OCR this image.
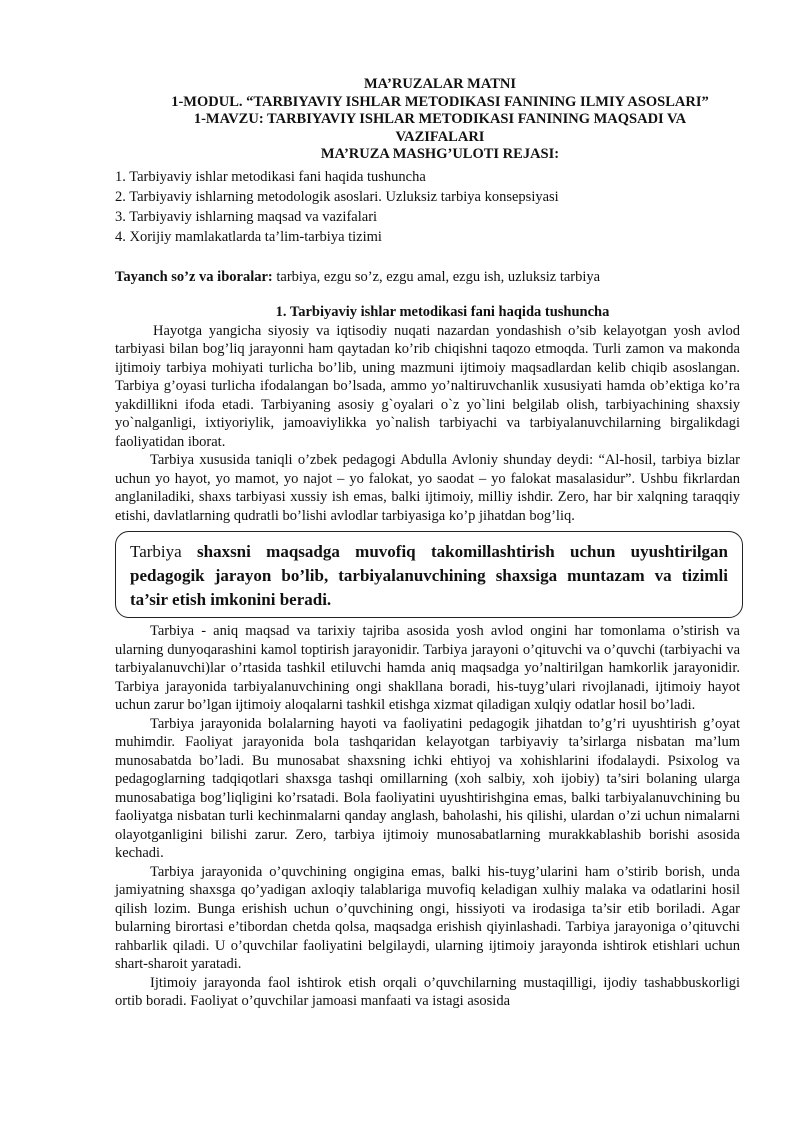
MA’RUZALAR MATNI
1-MODUL. “TARBIYAVIY ISHLAR METODIKASI FANINING ILMIY ASOSLARI”
1-MAVZU: TARBIYAVIY ISHLAR METODIKASI FANINING MAQSADI VA
VAZIFALARI
MA’RUZA MASHG’ULOTI REJASI:
1. Tarbiyaviy ishlar metodikasi fani haqida tushuncha
2. Tarbiyaviy ishlarning metodologik asoslari. Uzluksiz tarbiya konsepsiyasi
3. Tarbiyaviy ishlarning maqsad va vazifalari
4. Xorijiy mamlakatlarda ta’lim-tarbiya tizimi
Tayanch so’z va iboralar: tarbiya, ezgu so’z, ezgu amal, ezgu ish, uzluksiz tarbiya
1. Tarbiyaviy ishlar metodikasi fani haqida tushuncha

Hayotga yangicha siyosiy va iqtisodiy nuqati nazardan yondashish o’sib kelayotgan yosh avlod tarbiyasi bilan bog’liq jarayonni ham qaytadan ko’rib chiqishni taqozo etmoqda. Turli zamon va makonda ijtimoiy tarbiya mohiyati turlicha bo’lib, uning mazmuni ijtimoiy maqsadlardan kelib chiqib asoslangan. Tarbiya g’oyasi turlicha ifodalangan bo’lsada, ammo yo’naltiruvchanlik xususiyati hamda ob’ektiga ko’ra yakdillikni ifoda etadi. Tarbiyaning asosiy g`oyalari o`z yo`lini belgilab olish, tarbiyachining shaxsiy yo`nalganligi, ixtiyoriylik, jamoaviylikka yo`nalish tarbiyachi va tarbiyalanuvchilarning birgalikdagi faoliyatidan iborat.

Tarbiya xususida taniqli o’zbek pedagogi Abdulla Avloniy shunday deydi: “Al-hosil, tarbiya bizlar uchun yo hayot, yo mamot, yo najot – yo falokat, yo saodat – yo falokat masalasidur”. Ushbu fikrlardan anglaniladiki, shaxs tarbiyasi xussiy ish emas, balki ijtimoiy, milliy ishdir. Zero, har bir xalqning taraqqiy etishi, davlatlarning qudratli bo’lishi avlodlar tarbiyasiga ko’p jihatdan bog’liq.

Tarbiya shaxsni maqsadga muvofiq takomillashtirish uchun uyushtirilgan pedagogik jarayon bo’lib, tarbiyalanuvchining shaxsiga muntazam va tizimli ta’sir etish imkonini beradi.

Tarbiya - aniq maqsad va tarixiy tajriba asosida yosh avlod ongini har tomonlama o’stirish va ularning dunyoqarashini kamol toptirish jarayonidir. Tarbiya jarayoni o’qituvchi va o’quvchi (tarbiyachi va tarbiyalanuvchi)lar o’rtasida tashkil etiluvchi hamda aniq maqsadga yo’naltirilgan hamkorlik jarayonidir. Tarbiya jarayonida tarbiyalanuvchining ongi shakllana boradi, his-tuyg’ulari rivojlanadi, ijtimoiy hayot uchun zarur bo’lgan ijtimoiy aloqalarni tashkil etishga xizmat qiladigan xulqiy odatlar hosil bo’ladi.

Tarbiya jarayonida bolalarning hayoti va faoliyatini pedagogik jihatdan to’g’ri uyushtirish g’oyat muhimdir. Faoliyat jarayonida bola tashqaridan kelayotgan tarbiyaviy ta’sirlarga nisbatan ma’lum munosabatda bo’ladi. Bu munosabat shaxsning ichki ehtiyoj va xohishlarini ifodalaydi. Psixolog va pedagoglarning tadqiqotlari shaxsga tashqi omillarning (xoh salbiy, xoh ijobiy) ta’siri bolaning ularga munosabatiga bog’liqligini ko’rsatadi. Bola faoliyatini uyushtirishgina emas, balki tarbiyalanuvchining bu faoliyatga nisbatan turli kechinmalarni qanday anglash, baholashi, his qilishi, ulardan o’zi uchun nimalarni olayotganligini bilishi zarur. Zero, tarbiya ijtimoiy munosabatlarning murakkablashib borishi asosida kechadi.

Tarbiya jarayonida o’quvchining ongigina emas, balki his-tuyg’ularini ham o’stirib borish, unda jamiyatning shaxsga qo’yadigan axloqiy talablariga muvofiq keladigan xulhiy malaka va odatlarini hosil qilish lozim. Bunga erishish uchun o’quvchining ongi, hissiyoti va irodasiga ta’sir etib boriladi. Agar bularning birortasi e’tibordan chetda qolsa, maqsadga erishish qiyinlashadi. Tarbiya jarayoniga o’qituvchi rahbarlik qiladi. U o’quvchilar faoliyatini belgilaydi, ularning ijtimoiy jarayonda ishtirok etishlari uchun shart-sharoit yaratadi.

Ijtimoiy jarayonda faol ishtirok etish orqali o’quvchilarning mustaqilligi, ijodiy tashabbuskorligi ortib boradi. Faoliyat o’quvchilar jamoasi manfaati va istagi asosida
